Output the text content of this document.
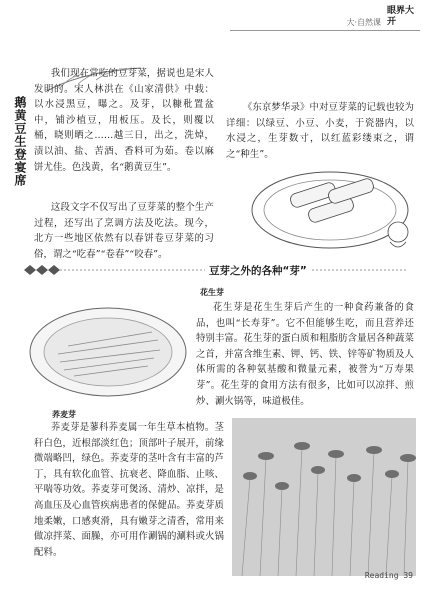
大·自然课
眼界大开
鹅黄豆生登宴席

我们现在常吃的豆芽菜，据说也是宋人发明的。宋人林洪在《山家清供》中载：以水浸黑豆，曝之。及芽，以糠秕置盆中，铺沙植豆，用板压。及长，则覆以桶，晓则晒之……越三日，出之，洗焯，渍以油、盐、苦酒、香料可为茹。卷以麻饼尤佳。色浅黄，名“鹅黄豆生”。

这段文字不仅写出了豆芽菜的整个生产过程，还写出了烹调方法及吃法。现今，北方一些地区依然有以春饼卷豆芽菜的习俗，谓之“吃春”“卷春”“咬春”。

《东京梦华录》中对豆芽菜的记载也较为详细：以绿豆、小豆、小麦，于瓷器内，以水浸之，生芽数寸，以红蓝彩缕束之，谓之“种生”。

豆芽之外的各种“芽”
花生芽

花生芽是花生生芽后产生的一种食药兼备的食品，也叫“长寿芽”。它不但能够生吃，而且营养还特别丰富。花生芽的蛋白质和粗脂肪含量居各种蔬菜之首，并富含维生素、钾、钙、铁、锌等矿物质及人体所需的各种氨基酸和微量元素，被誉为“万寿果芽”。花生芽的食用方法有很多，比如可以凉拌、煎炒、涮火锅等，味道极佳。

荞麦芽

荞麦芽是蓼科荞麦属一年生草本植物。茎秆白色，近根部淡红色；顶部叶子展开，前缘微端略凹，绿色。荞麦芽的茎叶含有丰富的芦丁，具有软化血管、抗衰老、降血脂、止咳、平喘等功效。荞麦芽可煲汤、清炒、凉拌，是高血压及心血管疾病患者的保健品。荞麦芽质地柔嫩，口感爽滑，具有嫩芽之清香，常用来做凉拌菜、面臊，亦可用作涮锅的涮料或火锅配料。

Reading 39
